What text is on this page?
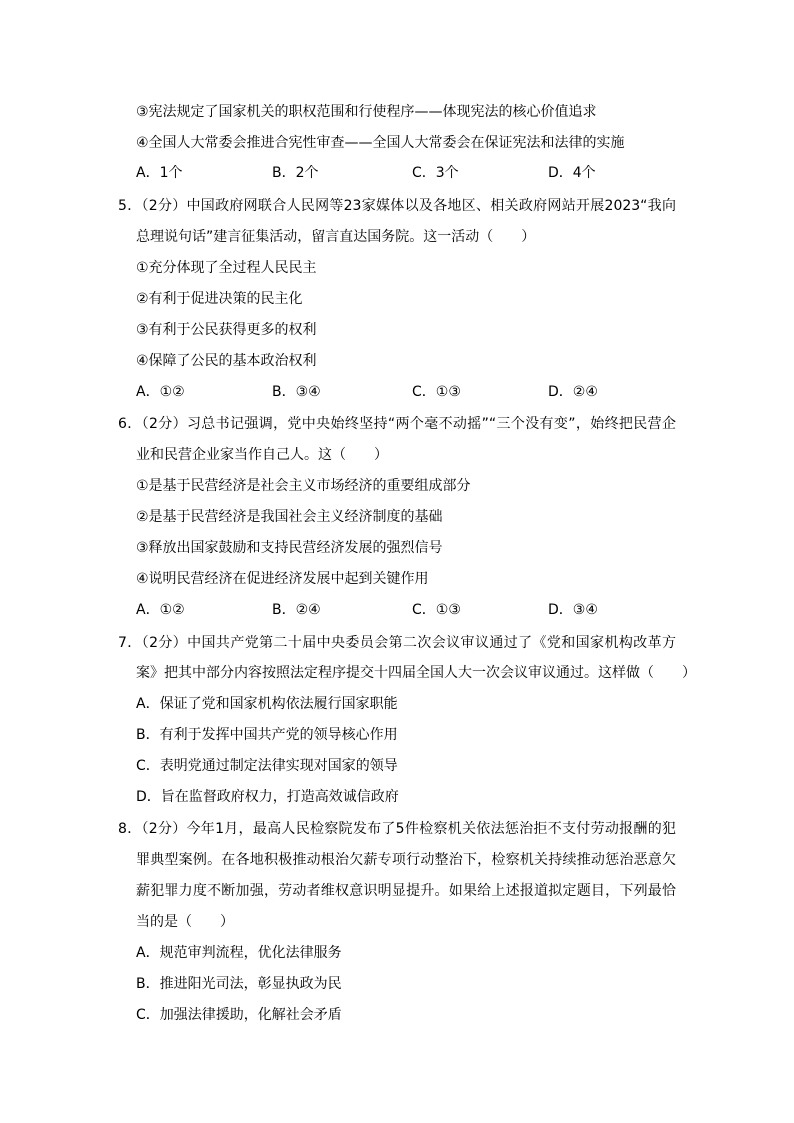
③宪法规定了国家机关的职权范围和行使程序——体现宪法的核心价值追求
④全国人大常委会推进合宪性审查——全国人大常委会在保证宪法和法律的实施
A．1个	B．2个	C．3个	D．4个
5．（2分）中国政府网联合人民网等23家媒体以及各地区、相关政府网站开展2023“我向
总理说句话”建言征集活动，留言直达国务院。这一活动（　　）
①充分体现了全过程人民民主
②有利于促进决策的民主化
③有利于公民获得更多的权利
④保障了公民的基本政治权利
A．①②	B．③④	C．①③	D．②④
6．（2分）习总书记强调，党中央始终坚持“两个毫不动摇”“三个没有变”，始终把民营企
业和民营企业家当作自己人。这（　　）
①是基于民营经济是社会主义市场经济的重要组成部分
②是基于民营经济是我国社会主义经济制度的基础
③释放出国家鼓励和支持民营经济发展的强烈信号
④说明民营经济在促进经济发展中起到关键作用
A．①②	B．②④	C．①③	D．③④
7．（2分）中国共产党第二十届中央委员会第二次会议审议通过了《党和国家机构改革方
案》把其中部分内容按照法定程序提交十四届全国人大一次会议审议通过。这样做（　　）
A．保证了党和国家机构依法履行国家职能
B．有利于发挥中国共产党的领导核心作用
C．表明党通过制定法律实现对国家的领导
D．旨在监督政府权力，打造高效诚信政府
8．（2分）今年1月，最高人民检察院发布了5件检察机关依法惩治拒不支付劳动报酬的犯
罪典型案例。在各地积极推动根治欠薪专项行动整治下，检察机关持续推动惩治恶意欠
薪犯罪力度不断加强，劳动者维权意识明显提升。如果给上述报道拟定题目，下列最恰
当的是（　　）
A．规范审判流程，优化法律服务
B．推进阳光司法，彰显执政为民
C．加强法律援助，化解社会矛盾
